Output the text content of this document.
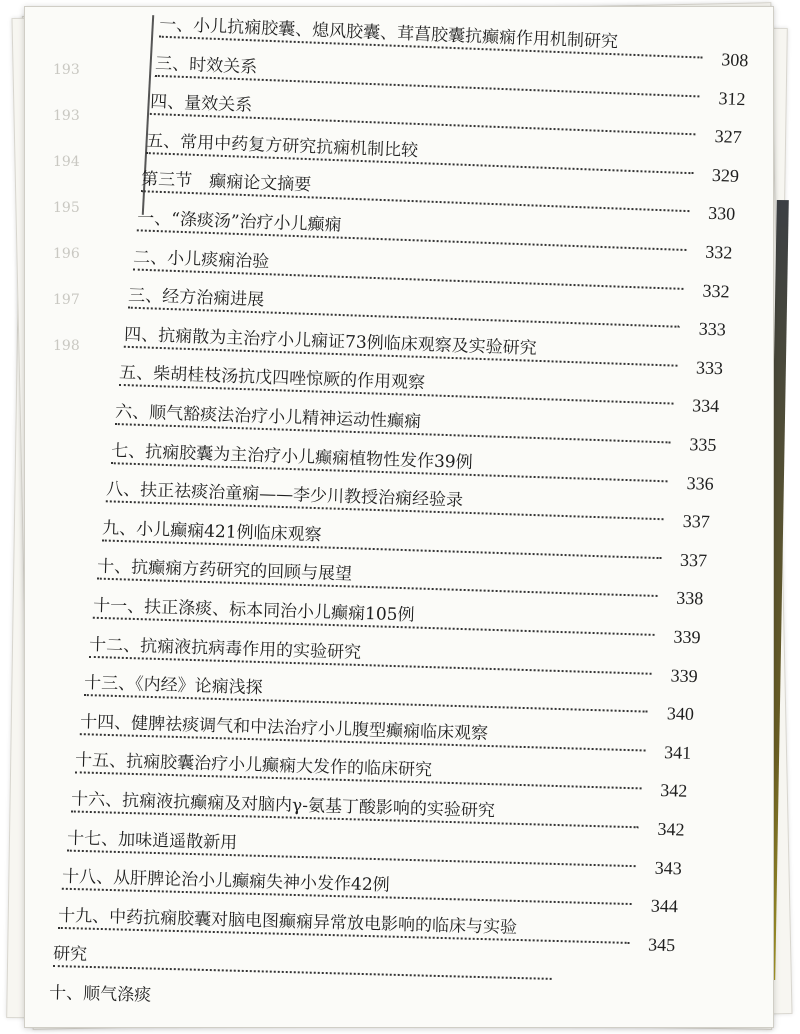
193
193
194
195
196
197
198
一、小儿抗痫胶囊、熄风胶囊、茸菖胶囊抗癫痫作用机制研究
308
三、时效关系
312
四、量效关系
327
五、常用中药复方研究抗痫机制比较
329
第三节　癫痫论文摘要
330
一、“涤痰汤”治疗小儿癫痫
332
二、小儿痰痫治验
332
三、经方治痫进展
333
四、抗痫散为主治疗小儿痫证73例临床观察及实验研究
333
五、柴胡桂枝汤抗戊四唑惊厥的作用观察
334
六、顺气豁痰法治疗小儿精神运动性癫痫
335
七、抗痫胶囊为主治疗小儿癫痫植物性发作39例
336
八、扶正祛痰治童痫——李少川教授治痫经验录
337
九、小儿癫痫421例临床观察
337
十、抗癫痫方药研究的回顾与展望
338
十一、扶正涤痰、标本同治小儿癫痫105例
339
十二、抗痫液抗病毒作用的实验研究
339
十三、《内经》论痫浅探
340
十四、健脾祛痰调气和中法治疗小儿腹型癫痫临床观察
341
十五、抗痫胶囊治疗小儿癫痫大发作的临床研究
342
十六、抗痫液抗癫痫及对脑内γ-氨基丁酸影响的实验研究
342
十七、加味逍遥散新用
343
十八、从肝脾论治小儿癫痫失神小发作42例
344
十九、中药抗痫胶囊对脑电图癫痫异常放电影响的临床与实验
345
研究
十、顺气涤痰
